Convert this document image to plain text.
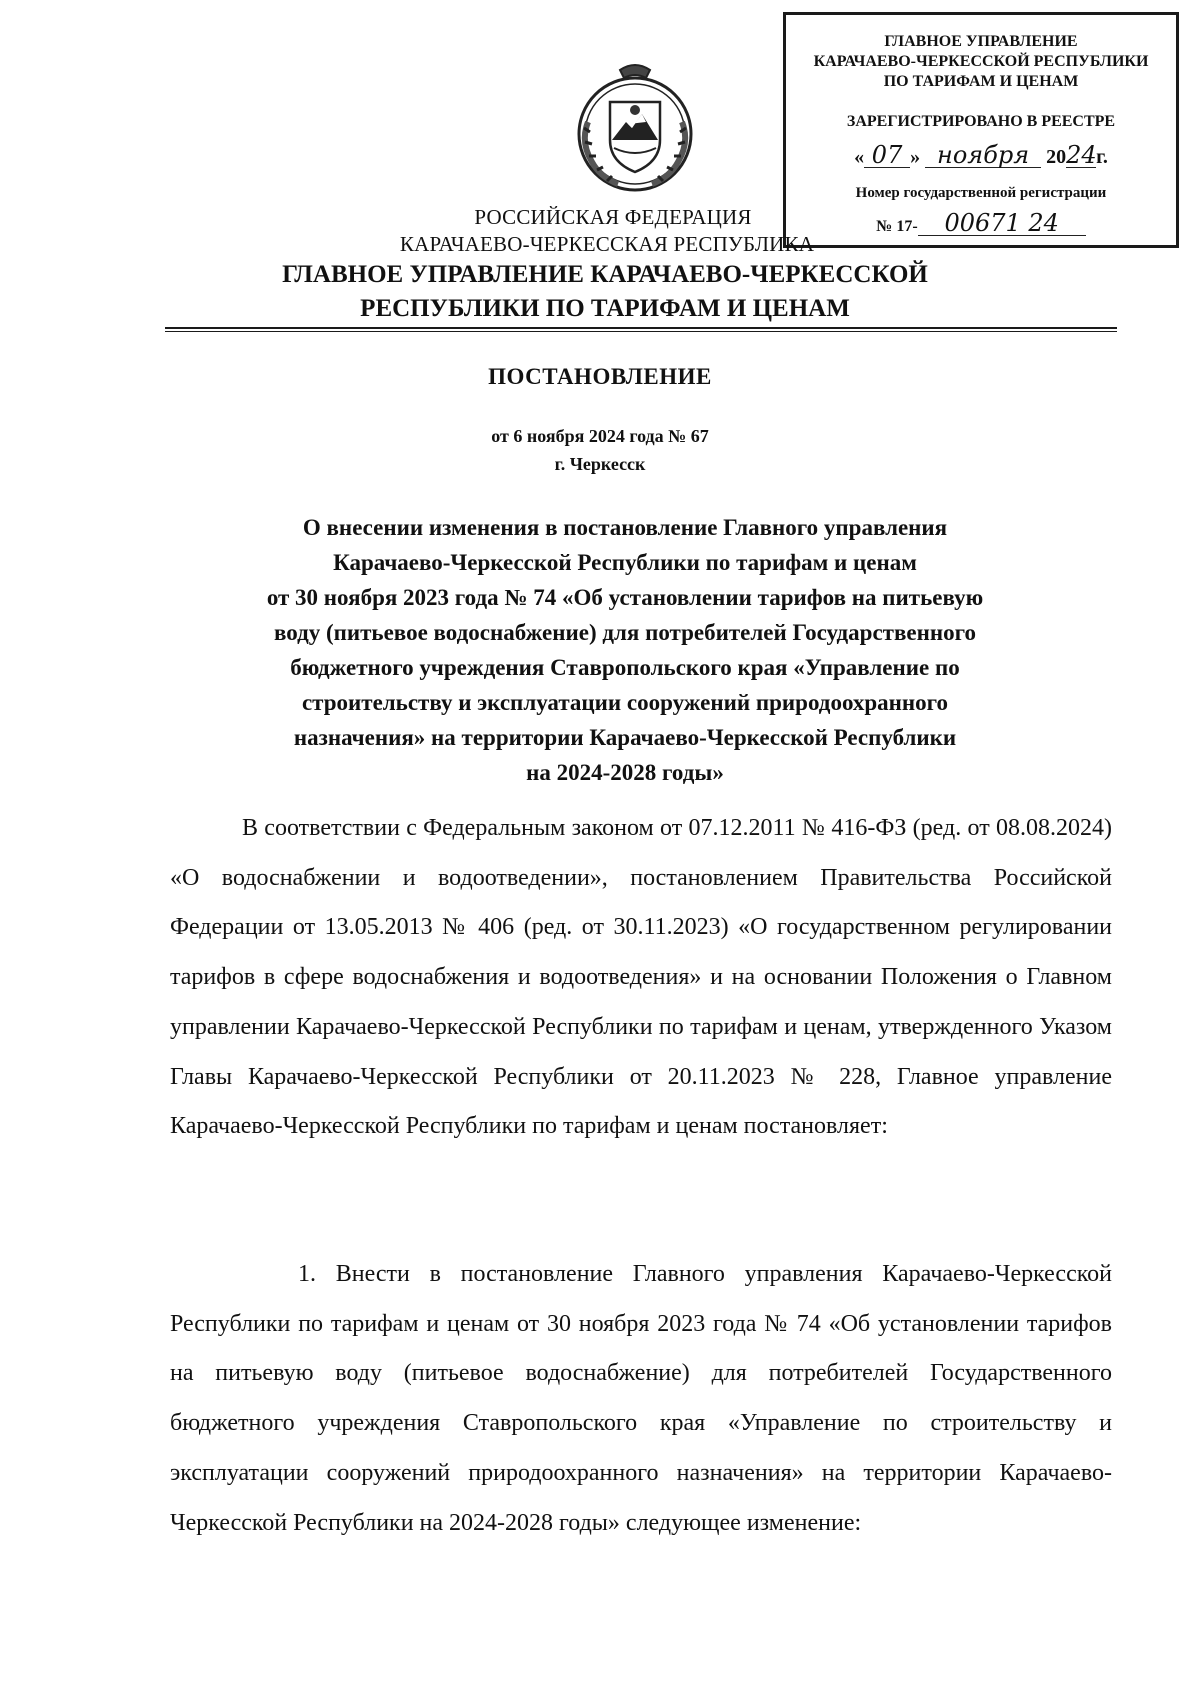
ГЛАВНОЕ УПРАВЛЕНИЕ
КАРАЧАЕВО-ЧЕРКЕССКОЙ РЕСПУБЛИКИ
ПО ТАРИФАМ И ЦЕНАМ
ЗАРЕГИСТРИРОВАНО В РЕЕСТРЕ
« 07 » ноября 2024г.
Номер государственной регистрации
№ 17- 00671 24
РОССИЙСКАЯ ФЕДЕРАЦИЯ
КАРАЧАЕВО-ЧЕРКЕССКАЯ РЕСПУБЛИКА
ГЛАВНОЕ УПРАВЛЕНИЕ КАРАЧАЕВО-ЧЕРКЕССКОЙ
РЕСПУБЛИКИ ПО ТАРИФАМ И ЦЕНАМ
ПОСТАНОВЛЕНИЕ
от 6 ноября 2024 года № 67
г. Черкесск
О внесении изменения в постановление Главного управления
Карачаево-Черкесской Республики по тарифам и ценам
от 30 ноября 2023 года № 74 «Об установлении тарифов на питьевую
воду (питьевое водоснабжение) для потребителей Государственного
бюджетного учреждения Ставропольского края «Управление по
строительству и эксплуатации сооружений природоохранного
назначения» на территории Карачаево-Черкесской Республики
на 2024-2028 годы»
В соответствии с Федеральным законом от 07.12.2011 № 416-ФЗ (ред. от 08.08.2024) «О водоснабжении и водоотведении», постановлением Правительства Российской Федерации от 13.05.2013 № 406 (ред. от 30.11.2023) «О государственном регулировании тарифов в сфере водоснабжения и водоотведения» и на основании Положения о Главном управлении Карачаево-Черкесской Республики по тарифам и ценам, утвержденного Указом Главы Карачаево-Черкесской Республики от 20.11.2023 № 228, Главное управление Карачаево-Черкесской Республики по тарифам и ценам постановляет:
1. Внести в постановление Главного управления Карачаево-Черкесской Республики по тарифам и ценам от 30 ноября 2023 года № 74 «Об установлении тарифов на питьевую воду (питьевое водоснабжение) для потребителей Государственного бюджетного учреждения Ставропольского края «Управление по строительству и эксплуатации сооружений природоохранного назначения» на территории Карачаево-Черкесской Республики на 2024-2028 годы» следующее изменение:
